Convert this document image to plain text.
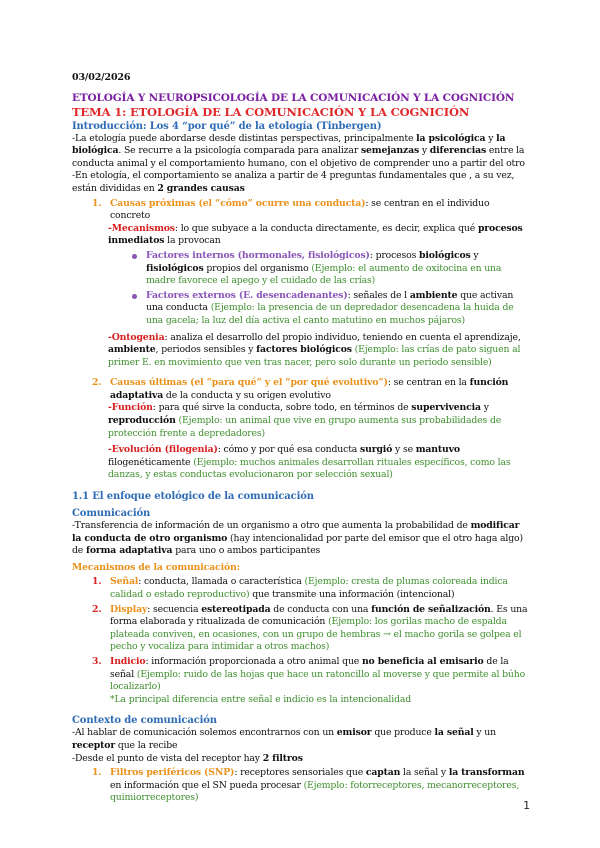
03/02/2026
ETOLOGÍA Y NEUROPSICOLOGÍA DE LA COMUNICACIÓN Y LA COGNICIÓN
TEMA 1: ETOLOGÍA DE LA COMUNICACIÓN Y LA COGNICIÓN
Introducción: Los 4 “por qué” de la etología (Tinbergen)

-La etología puede abordarse desde distintas perspectivas, principalmente la psicológica y la biológica. Se recurre a la psicología comparada para analizar semejanzas y diferencias entre la conducta animal y el comportamiento humano, con el objetivo de comprender uno a partir del otro

-En etología, el comportamiento se analiza a partir de 4 preguntas fundamentales que , a su vez, están divididas en 2 grandes causas

1. Causas próximas (el “cómo” ocurre una conducta): se centran en el individuo concreto
-Mecanismos: lo que subyace a la conducta directamente, es decir, explica qué procesos inmediatos la provocan
Factores internos (hormonales, fisiológicos): procesos biológicos y fisiológicos propios del organismo (Ejemplo: el aumento de oxitocina en una madre favorece el apego y el cuidado de las crías)
Factores externos (E. desencadenantes): señales de l ambiente que activan una conducta (Ejemplo: la presencia de un depredador desencadena la huida de una gacela; la luz del día activa el canto matutino en muchos pájaros)
-Ontogenia: analiza el desarrollo del propio individuo, teniendo en cuenta el aprendizaje, ambiente, periodos sensibles y factores biológicos (Ejemplo: las crías de pato siguen al primer E. en movimiento que ven tras nacer, pero solo durante un periodo sensible)
2. Causas últimas (el “para qué” y el “por qué evolutivo”): se centran en la función adaptativa de la conducta y su origen evolutivo
-Función: para qué sirve la conducta, sobre todo, en términos de supervivencia y reproducción (Ejemplo: un animal que vive en grupo aumenta sus probabilidades de protección frente a depredadores)
-Evolución (filogenia): cómo y por qué esa conducta surgió y se mantuvo filogenéticamente (Ejemplo: muchos animales desarrollan rituales específicos, como las danzas, y estas conductas evolucionaron por selección sexual)
1.1 El enfoque etológico de la comunicación
Comunicación

-Transferencia de información de un organismo a otro que aumenta la probabilidad de modificar la conducta de otro organismo (hay intencionalidad por parte del emisor que el otro haga algo) de forma adaptativa para uno o ambos participantes

Mecanismos de la comunicación:
1. Señal: conducta, llamada o característica (Ejemplo: cresta de plumas coloreada indica calidad o estado reproductivo) que transmite una información (intencional)
2. Display: secuencia estereotipada de conducta con una función de señalización. Es una forma elaborada y ritualizada de comunicación (Ejemplo: los gorilas macho de espalda plateada conviven, en ocasiones, con un grupo de hembras → el macho gorila se golpea el pecho y vocaliza para intimidar a otros machos)
3. Indicio: información proporcionada a otro animal que no beneficia al emisario de la señal (Ejemplo: ruido de las hojas que hace un ratoncillo al moverse y que permite al búho localizarlo)
*La principal diferencia entre señal e indicio es la intencionalidad
Contexto de comunicación

-Al hablar de comunicación solemos encontrarnos con un emisor que produce la señal y un receptor que la recibe

-Desde el punto de vista del receptor hay 2 filtros

1. Filtros periféricos (SNP): receptores sensoriales que captan la señal y la transforman en información que el SN pueda procesar (Ejemplo: fotorreceptores, mecanorreceptores, quimiorreceptores)
1
